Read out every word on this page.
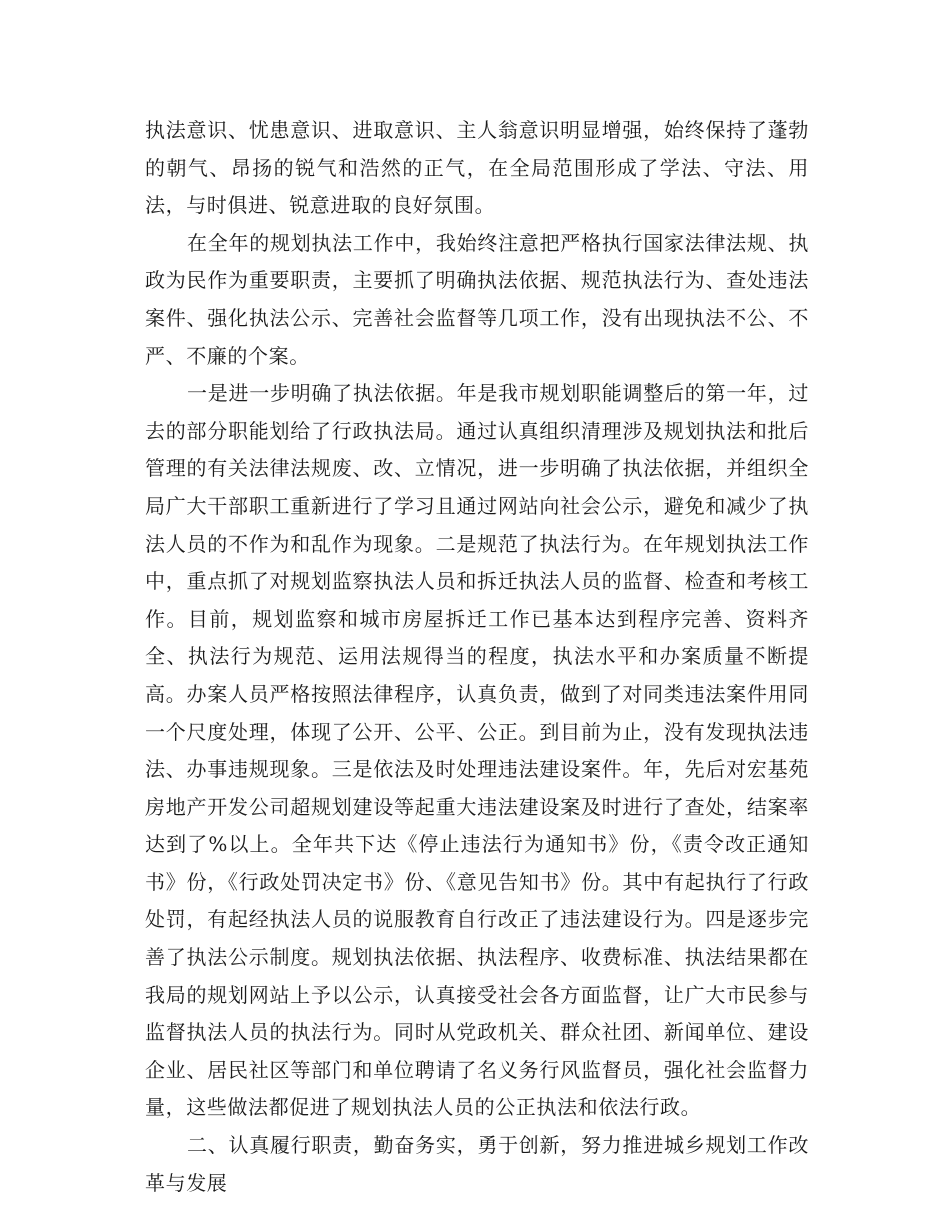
执法意识、忧患意识、进取意识、主人翁意识明显增强，始终保持了蓬勃的朝气、昂扬的锐气和浩然的正气，在全局范围形成了学法、守法、用法，与时俱进、锐意进取的良好氛围。

在全年的规划执法工作中，我始终注意把严格执行国家法律法规、执政为民作为重要职责，主要抓了明确执法依据、规范执法行为、查处违法案件、强化执法公示、完善社会监督等几项工作，没有出现执法不公、不严、不廉的个案。

一是进一步明确了执法依据。年是我市规划职能调整后的第一年，过去的部分职能划给了行政执法局。通过认真组织清理涉及规划执法和批后管理的有关法律法规废、改、立情况，进一步明确了执法依据，并组织全局广大干部职工重新进行了学习且通过网站向社会公示，避免和减少了执法人员的不作为和乱作为现象。二是规范了执法行为。在年规划执法工作中，重点抓了对规划监察执法人员和拆迁执法人员的监督、检查和考核工作。目前，规划监察和城市房屋拆迁工作已基本达到程序完善、资料齐全、执法行为规范、运用法规得当的程度，执法水平和办案质量不断提高。办案人员严格按照法律程序，认真负责，做到了对同类违法案件用同一个尺度处理，体现了公开、公平、公正。到目前为止，没有发现执法违法、办事违规现象。三是依法及时处理违法建设案件。年，先后对宏基苑房地产开发公司超规划建设等起重大违法建设案及时进行了查处，结案率达到了%以上。全年共下达《停止违法行为通知书》份，《责令改正通知书》份，《行政处罚决定书》份、《意见告知书》份。其中有起执行了行政处罚，有起经执法人员的说服教育自行改正了违法建设行为。四是逐步完善了执法公示制度。规划执法依据、执法程序、收费标准、执法结果都在我局的规划网站上予以公示，认真接受社会各方面监督，让广大市民参与监督执法人员的执法行为。同时从党政机关、群众社团、新闻单位、建设企业、居民社区等部门和单位聘请了名义务行风监督员，强化社会监督力量，这些做法都促进了规划执法人员的公正执法和依法行政。

二、认真履行职责，勤奋务实，勇于创新，努力推进城乡规划工作改革与发展
